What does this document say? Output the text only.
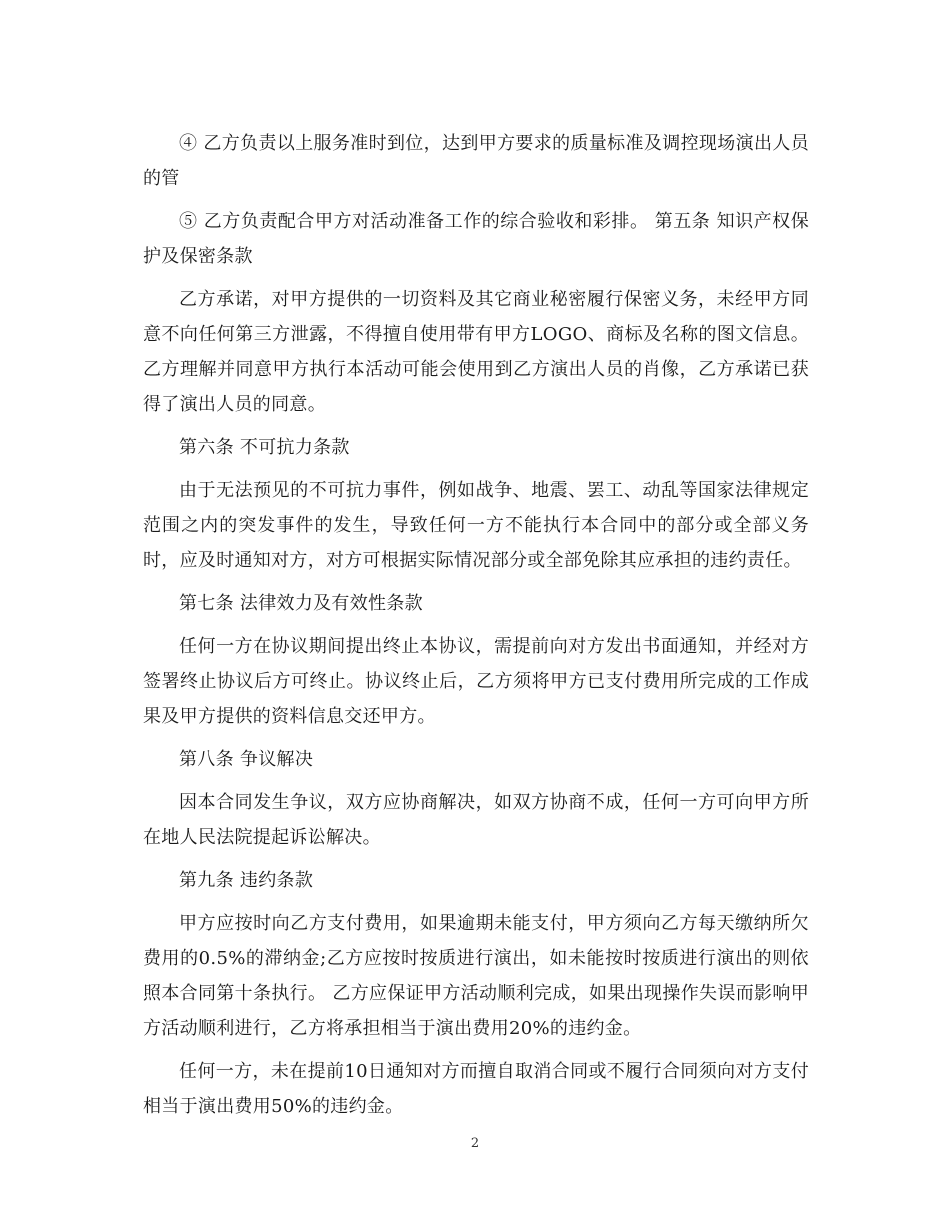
④ 乙方负责以上服务准时到位，达到甲方要求的质量标准及调控现场演出人员的管

⑤ 乙方负责配合甲方对活动准备工作的综合验收和彩排。 第五条 知识产权保护及保密条款

乙方承诺，对甲方提供的一切资料及其它商业秘密履行保密义务，未经甲方同意不向任何第三方泄露，不得擅自使用带有甲方LOGO、商标及名称的图文信息。乙方理解并同意甲方执行本活动可能会使用到乙方演出人员的肖像，乙方承诺已获得了演出人员的同意。

第六条 不可抗力条款

由于无法预见的不可抗力事件，例如战争、地震、罢工、动乱等国家法律规定范围之内的突发事件的发生，导致任何一方不能执行本合同中的部分或全部义务时，应及时通知对方，对方可根据实际情况部分或全部免除其应承担的违约责任。

第七条 法律效力及有效性条款

任何一方在协议期间提出终止本协议，需提前向对方发出书面通知，并经对方签署终止协议后方可终止。协议终止后，乙方须将甲方已支付费用所完成的工作成果及甲方提供的资料信息交还甲方。

第八条 争议解决

因本合同发生争议，双方应协商解决，如双方协商不成，任何一方可向甲方所在地人民法院提起诉讼解决。

第九条 违约条款

甲方应按时向乙方支付费用，如果逾期未能支付，甲方须向乙方每天缴纳所欠费用的0.5%的滞纳金;乙方应按时按质进行演出，如未能按时按质进行演出的则依照本合同第十条执行。 乙方应保证甲方活动顺利完成，如果出现操作失误而影响甲方活动顺利进行，乙方将承担相当于演出费用20%的违约金。

任何一方，未在提前10日通知对方而擅自取消合同或不履行合同须向对方支付相当于演出费用50%的违约金。

2
